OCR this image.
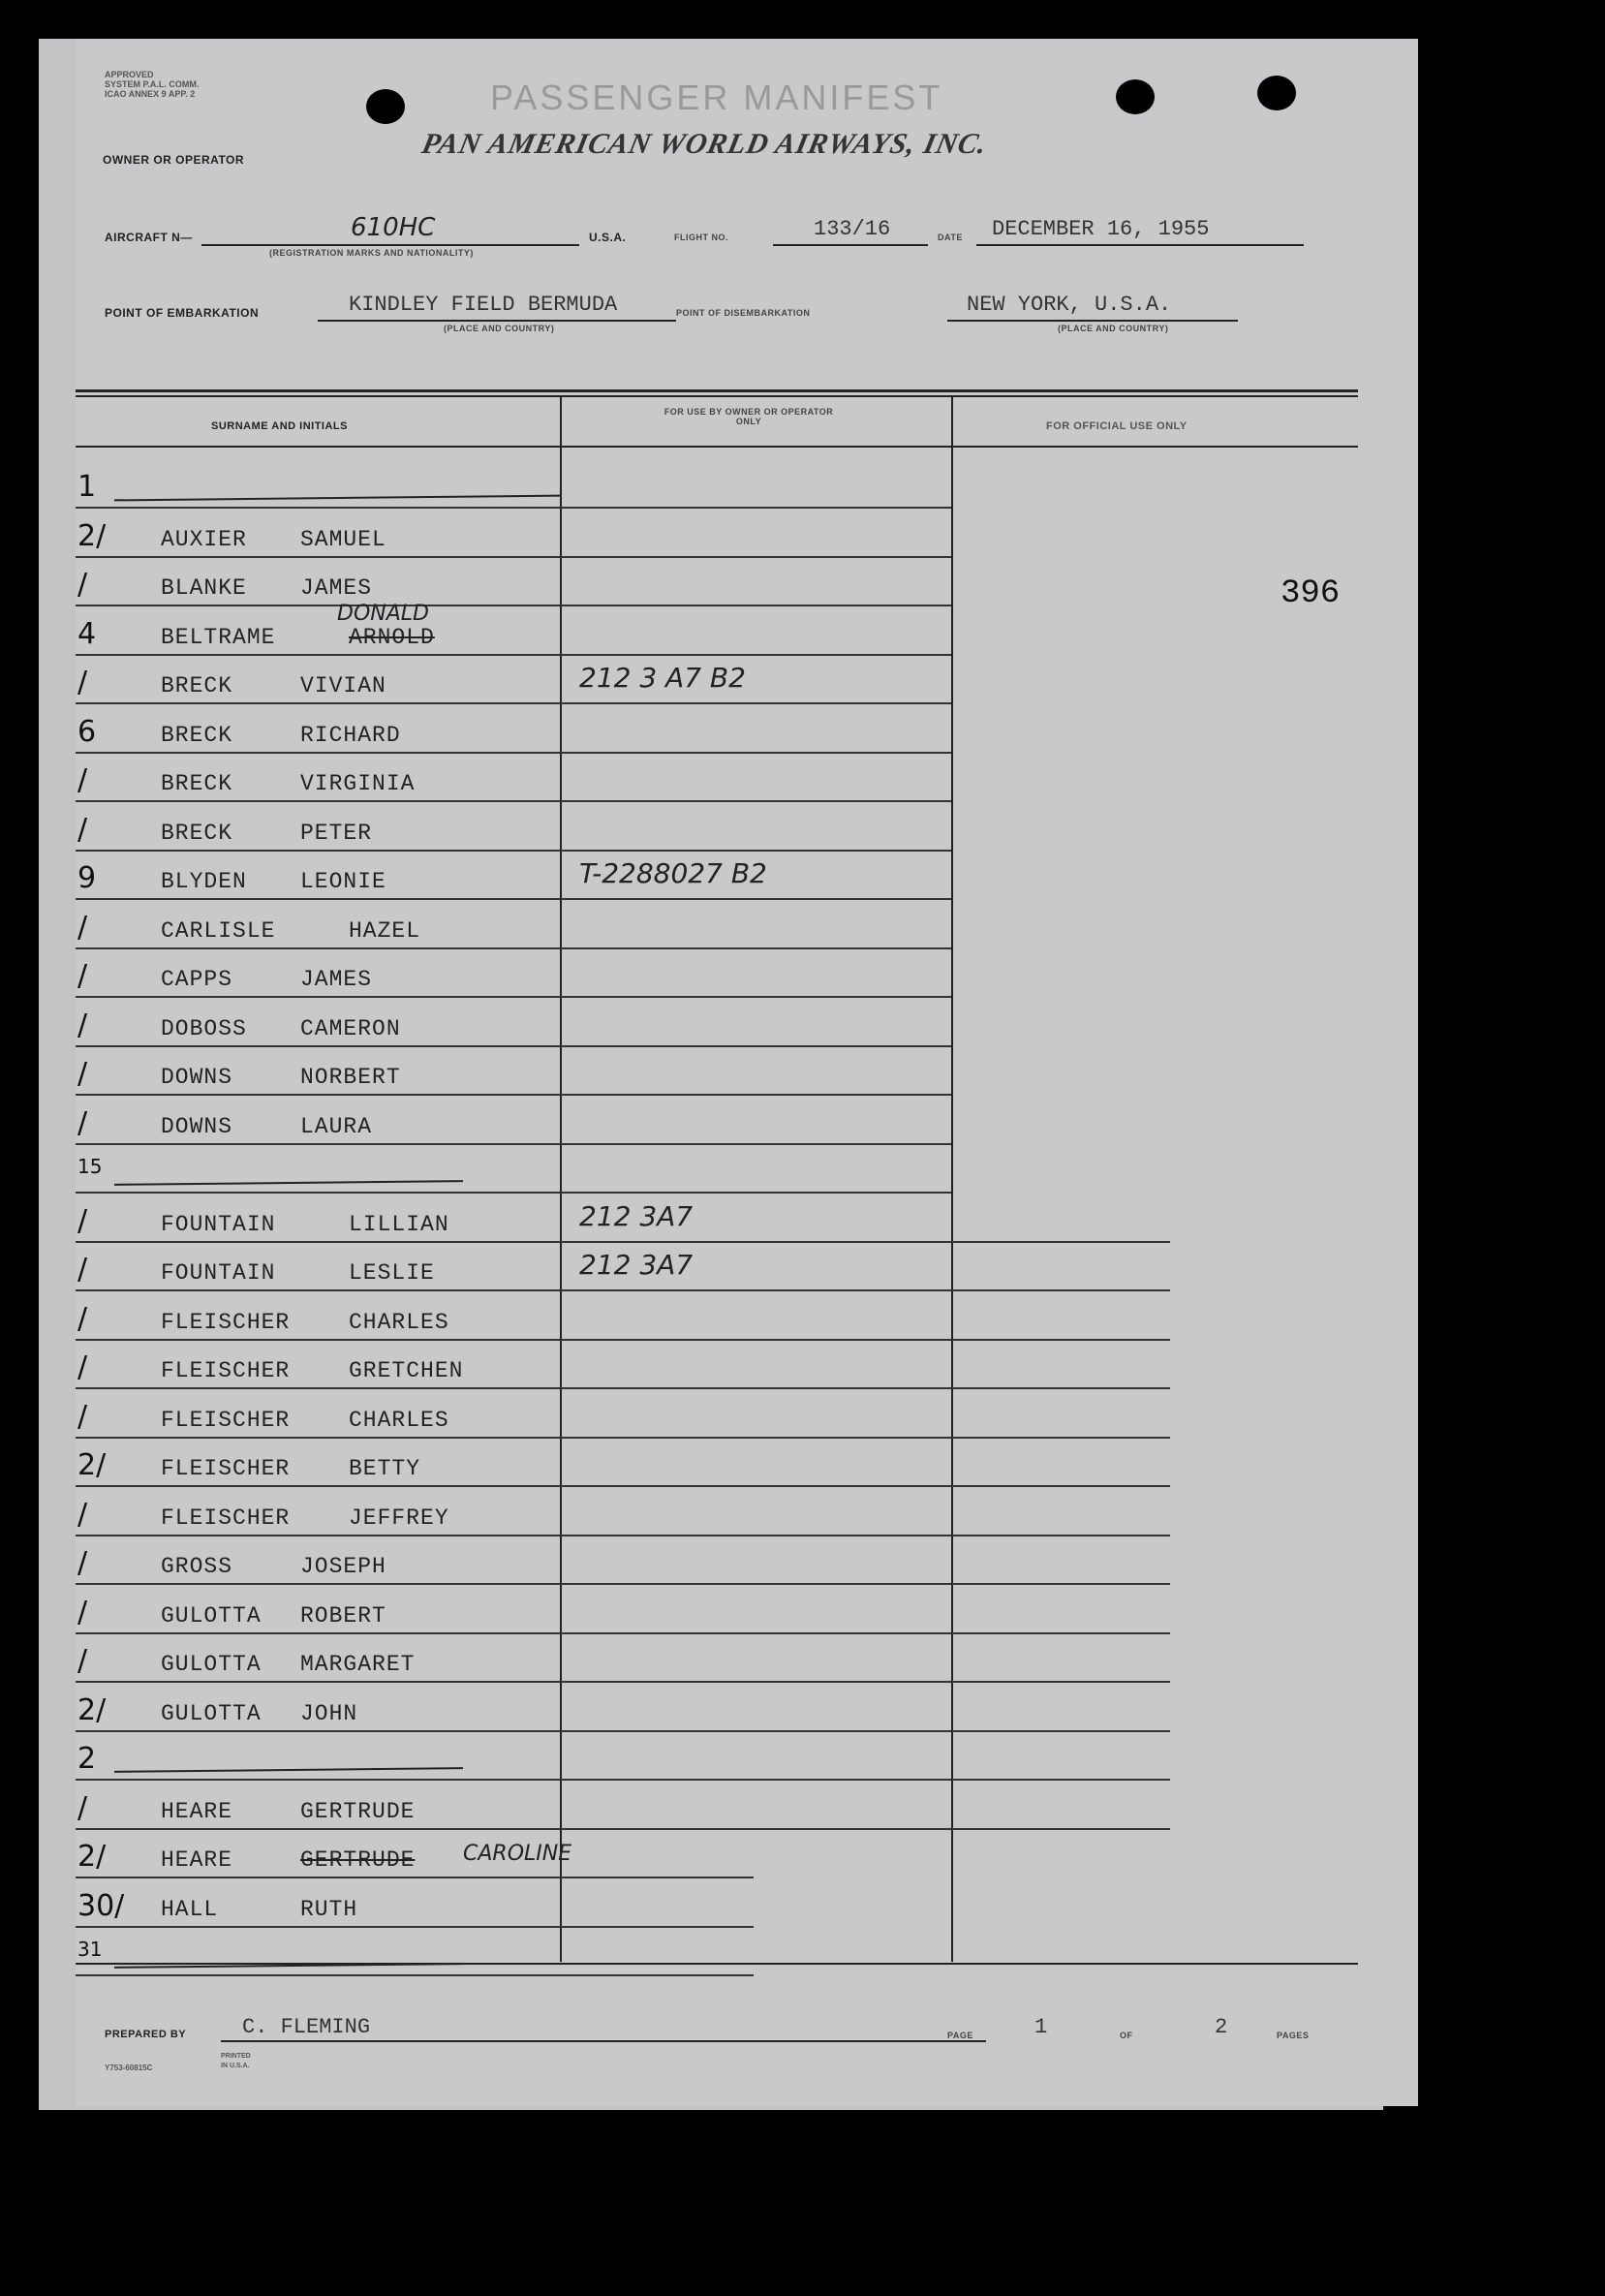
APPROVED
SYSTEM P.A.L. COMM.
ICAO ANNEX 9 APP. 2	PASSENGER MANIFEST
OWNER OR OPERATOR	PAN AMERICAN WORLD AIRWAYS, INC.
AIRCRAFT N—	610HC
(REGISTRATION MARKS AND NATIONALITY)
U.S.A.	FLIGHT NO.	133/16	DATE DECEMBER 16, 1955
POINT OF EMBARKATION	KINDLEY FIELD BERMUDA
(PLACE AND COUNTRY)
POINT OF DISEMBARKATION	NEW YORK, U.S.A.
(PLACE AND COUNTRY)
SURNAME AND INITIALS
FOR USE BY OWNER OR OPERATOR ONLY	FOR OFFICIAL USE ONLY
396
1
2/ AUXIER SAMUEL
/	BLANKE JAMES
4	BELTRAME	ARNOLD
DONALD
/	BRECK	VIVIAN	212 3 A7 B2
6	BRECK	RICHARD
/	BRECK	VIRGINIA
/	BRECK	PETER
9	BLYDEN LEONIE	T-2288027 B2
/	CARLISLE	HAZEL
/	CAPPS	JAMES
/	DOBOSS CAMERON
/	DOWNS	NORBERT
/	DOWNS	LAURA
15
/	FOUNTAIN	LILLIAN	212 3A7
/	FOUNTAIN	LESLIE	212 3A7
/	FLEISCHER	CHARLES
/	FLEISCHER	GRETCHEN
/	FLEISCHER	CHARLES
2/ FLEISCHER	BETTY
/	FLEISCHER	JEFFREY
/	GROSS	JOSEPH
/	GULOTTA ROBERT
/	GULOTTA MARGARET
2/ GULOTTA JOHN
2
/	HEARE	GERTRUDE
2/ HEARE	GERTRUDE CAROLINE
30/ HALL	RUTH
31
PREPARED BY	C. FLEMING	PAGE	1	OF	2	PAGES
Y753-60815C
PRINTED IN U.S.A.
